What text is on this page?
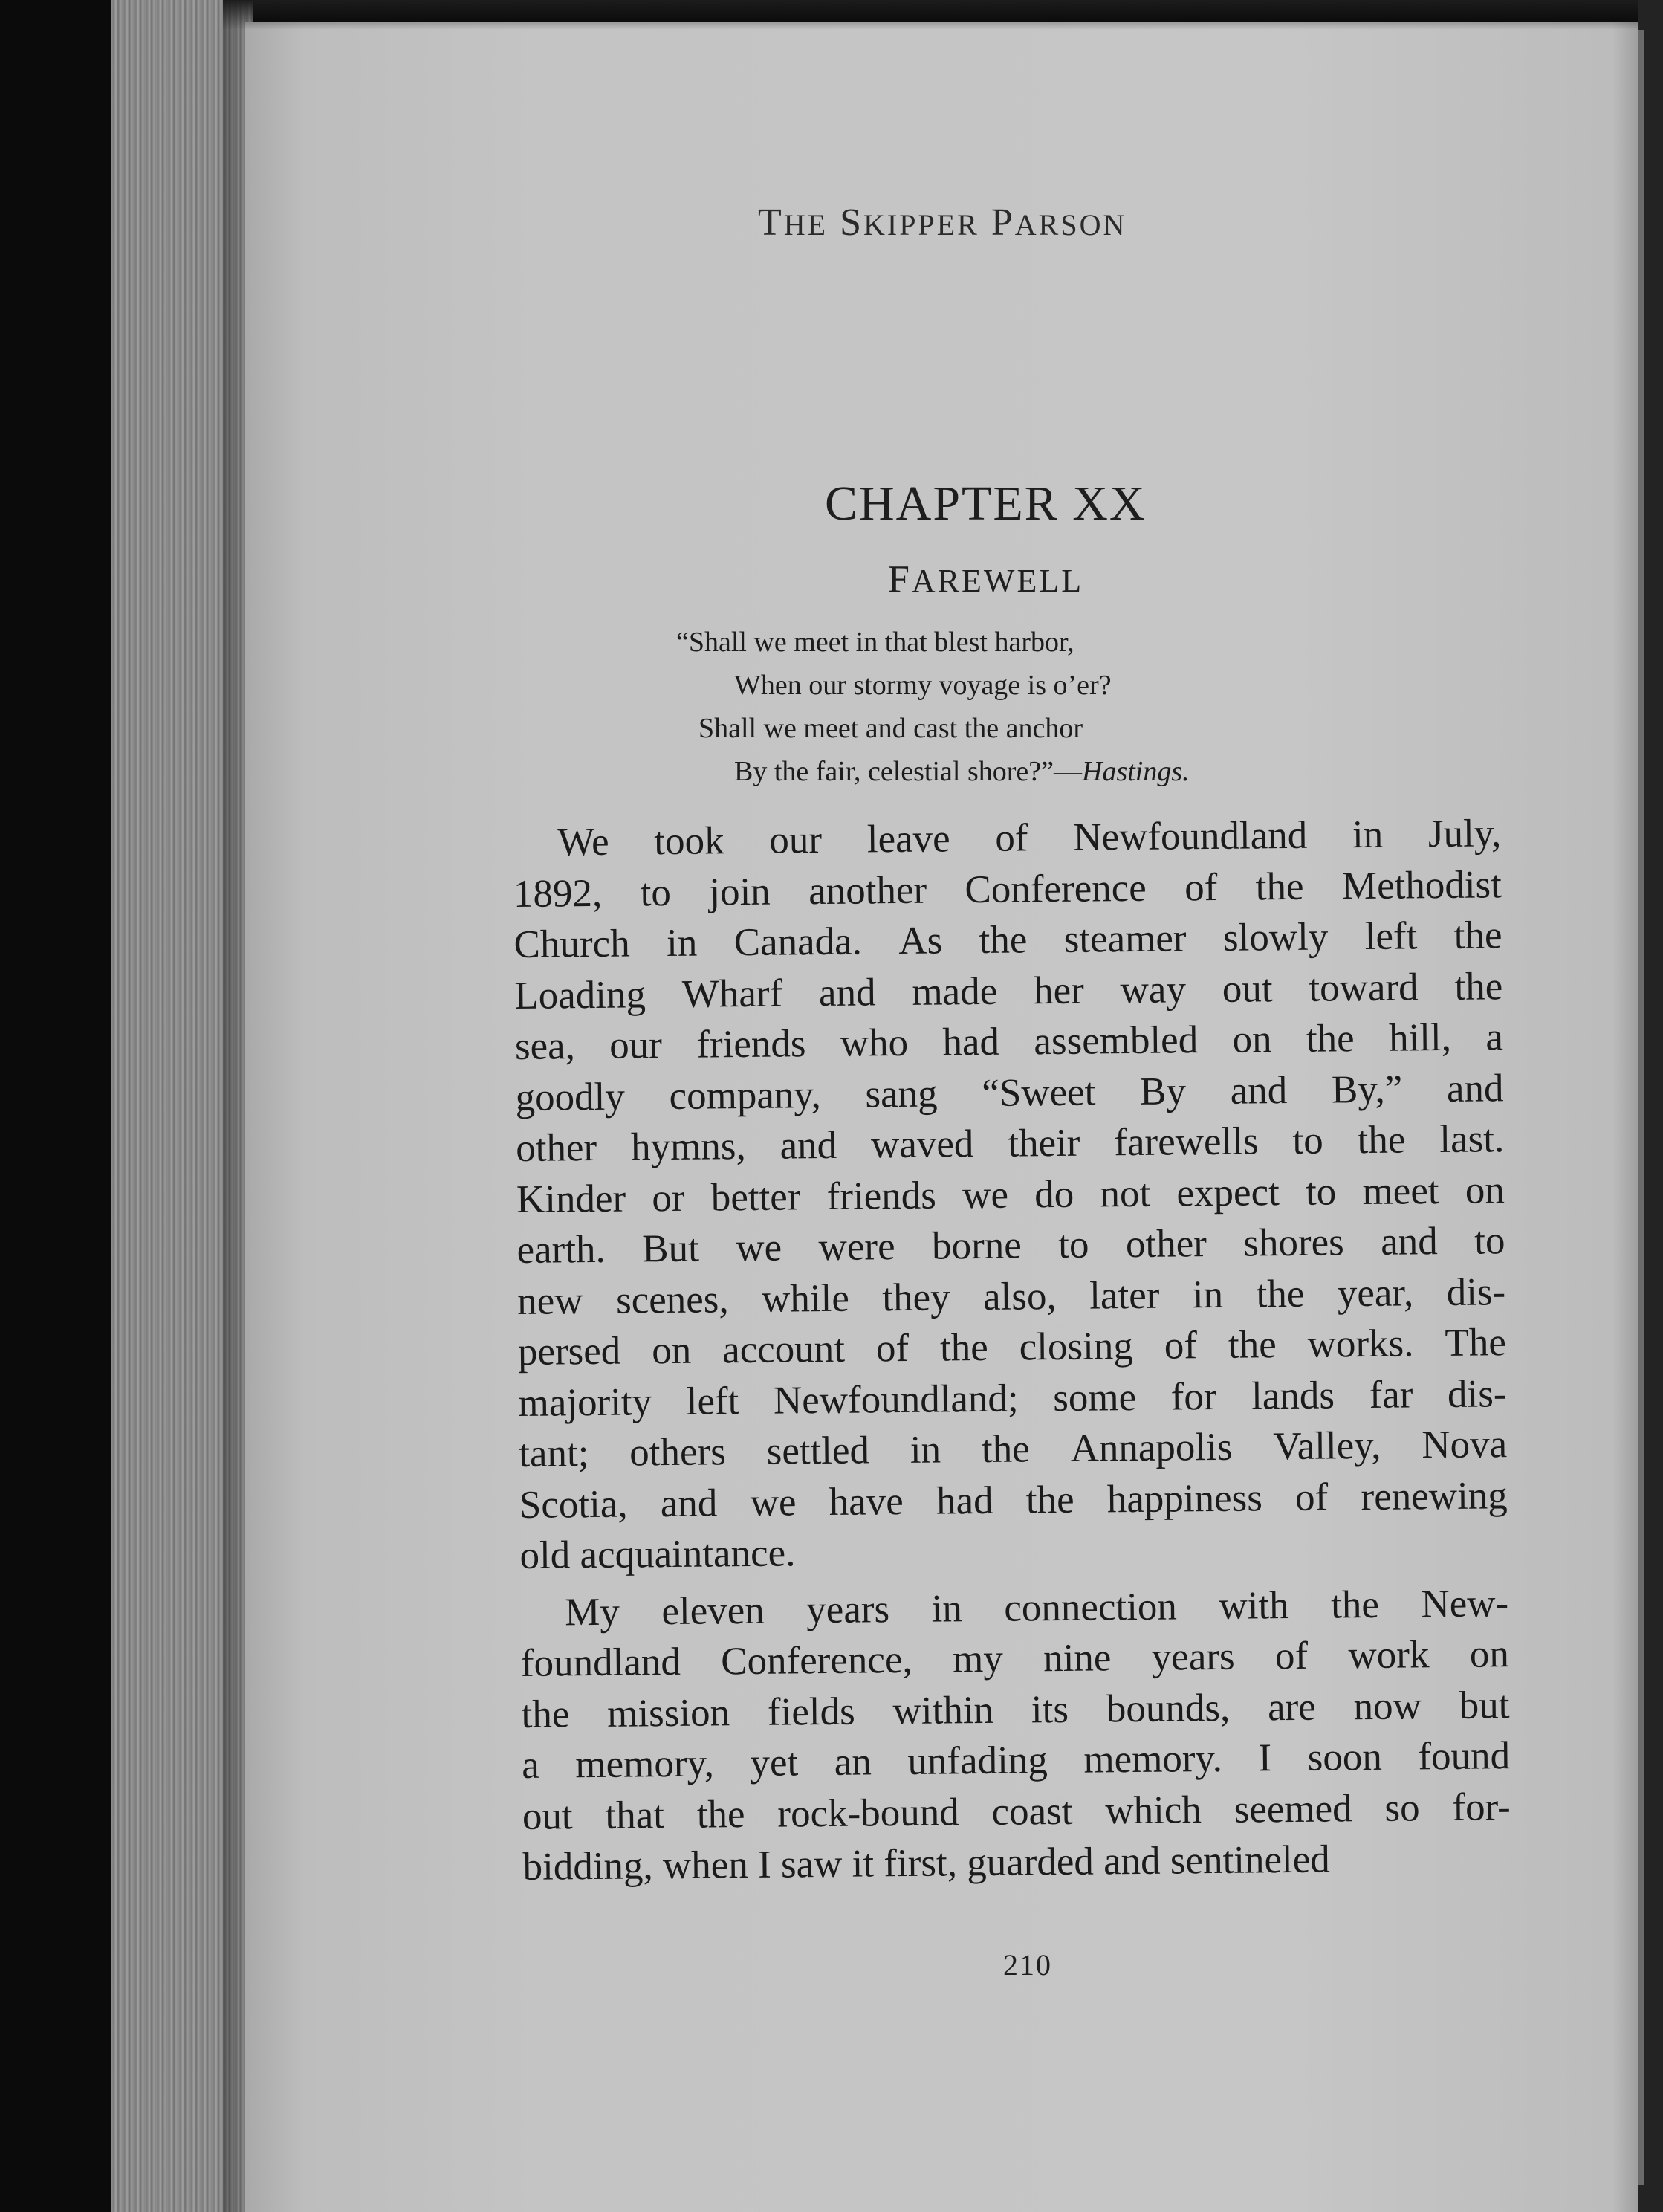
THE SKIPPER PARSON
CHAPTER XX
FAREWELL
“Shall we meet in that blest harbor,
When our stormy voyage is o’er?
Shall we meet and cast the anchor
By the fair, celestial shore?”—Hastings.
We took our leave of Newfoundland in July,
1892, to join another Conference of the Methodist
Church in Canada. As the steamer slowly left the
Loading Wharf and made her way out toward the
sea, our friends who had assembled on the hill, a
goodly company, sang “Sweet By and By,” and
other hymns, and waved their farewells to the last.
Kinder or better friends we do not expect to meet on
earth. But we were borne to other shores and to
new scenes, while they also, later in the year, dis-
persed on account of the closing of the works. The
majority left Newfoundland; some for lands far dis-
tant; others settled in the Annapolis Valley, Nova
Scotia, and we have had the happiness of renewing
old acquaintance.
My eleven years in connection with the New-
foundland Conference, my nine years of work on
the mission fields within its bounds, are now but
a memory, yet an unfading memory. I soon found
out that the rock-bound coast which seemed so for-
bidding, when I saw it first, guarded and sentineled
210
